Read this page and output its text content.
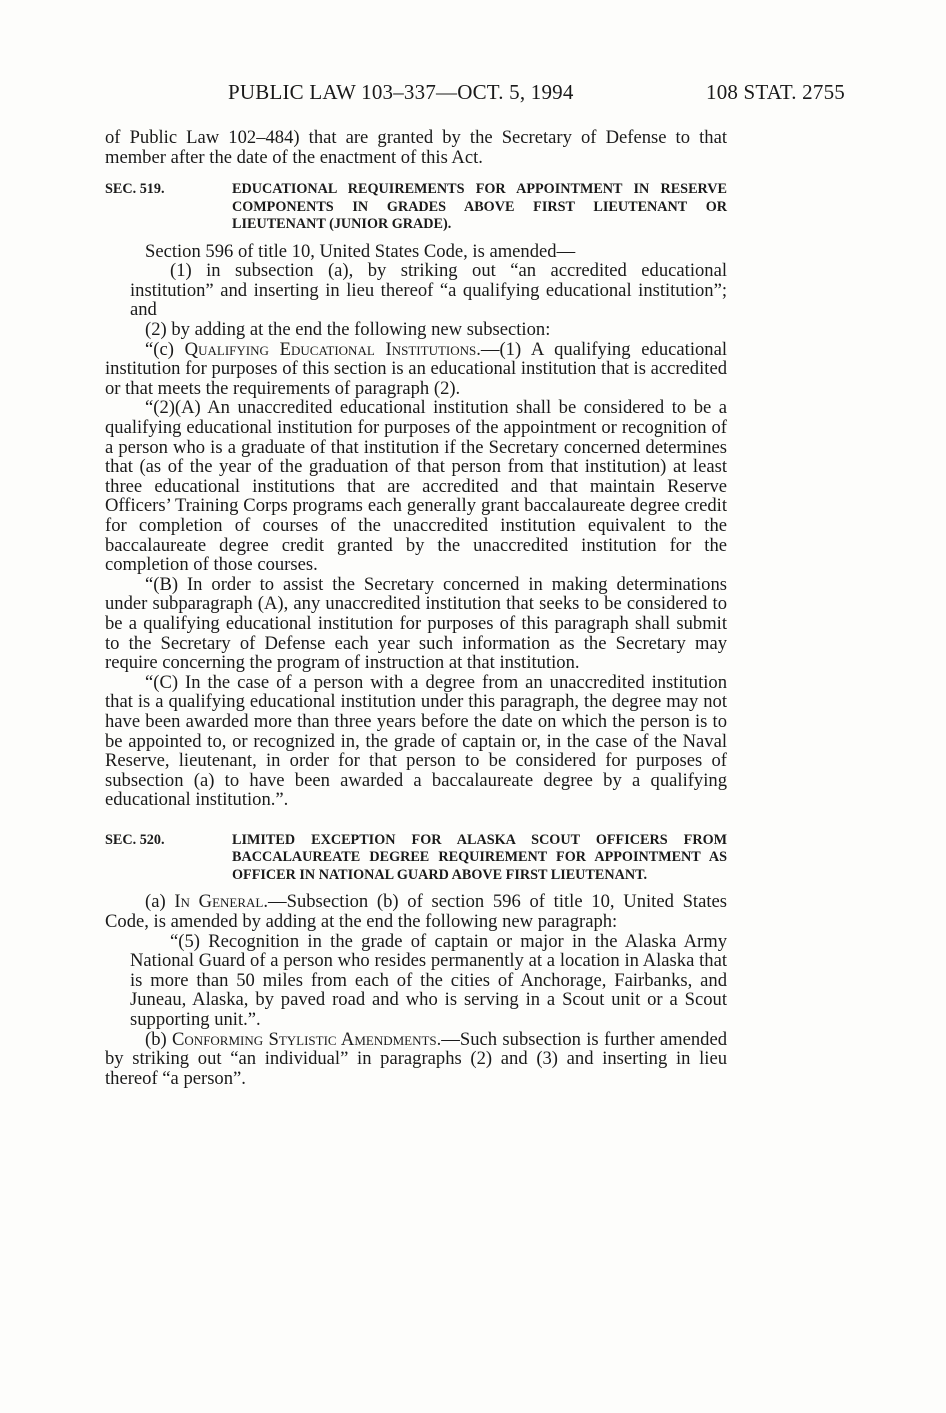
PUBLIC LAW 103–337—OCT. 5, 1994	108 STAT. 2755

of Public Law 102–484) that are granted by the Secretary of Defense to that member after the date of the enactment of this Act.

SEC. 519.	EDUCATIONAL REQUIREMENTS FOR APPOINTMENT IN RESERVE COMPONENTS IN GRADES ABOVE FIRST LIEUTENANT OR LIEUTENANT (JUNIOR GRADE).

Section 596 of title 10, United States Code, is amended—

(1) in subsection (a), by striking out “an accredited educational institution” and inserting in lieu thereof “a qualifying educational institution”; and

(2) by adding at the end the following new subsection:

“(c) Qualifying Educational Institutions.—(1) A qualifying educational institution for purposes of this section is an educational institution that is accredited or that meets the requirements of paragraph (2).

“(2)(A) An unaccredited educational institution shall be considered to be a qualifying educational institution for purposes of the appointment or recognition of a person who is a graduate of that institution if the Secretary concerned determines that (as of the year of the graduation of that person from that institution) at least three educational institutions that are accredited and that maintain Reserve Officers’ Training Corps programs each generally grant baccalaureate degree credit for completion of courses of the unaccredited institution equivalent to the baccalaureate degree credit granted by the unaccredited institution for the completion of those courses.

“(B) In order to assist the Secretary concerned in making determinations under subparagraph (A), any unaccredited institution that seeks to be considered to be a qualifying educational institution for purposes of this paragraph shall submit to the Secretary of Defense each year such information as the Secretary may require concerning the program of instruction at that institution.

“(C) In the case of a person with a degree from an unaccredited institution that is a qualifying educational institution under this paragraph, the degree may not have been awarded more than three years before the date on which the person is to be appointed to, or recognized in, the grade of captain or, in the case of the Naval Reserve, lieutenant, in order for that person to be considered for purposes of subsection (a) to have been awarded a baccalaureate degree by a qualifying educational institution.”.

SEC. 520.	LIMITED EXCEPTION FOR ALASKA SCOUT OFFICERS FROM BACCALAUREATE DEGREE REQUIREMENT FOR APPOINTMENT AS OFFICER IN NATIONAL GUARD ABOVE FIRST LIEUTENANT.

(a) In General.—Subsection (b) of section 596 of title 10, United States Code, is amended by adding at the end the following new paragraph:

“(5) Recognition in the grade of captain or major in the Alaska Army National Guard of a person who resides permanently at a location in Alaska that is more than 50 miles from each of the cities of Anchorage, Fairbanks, and Juneau, Alaska, by paved road and who is serving in a Scout unit or a Scout supporting unit.”.

(b) Conforming Stylistic Amendments.—Such subsection is further amended by striking out “an individual” in paragraphs (2) and (3) and inserting in lieu thereof “a person”.
